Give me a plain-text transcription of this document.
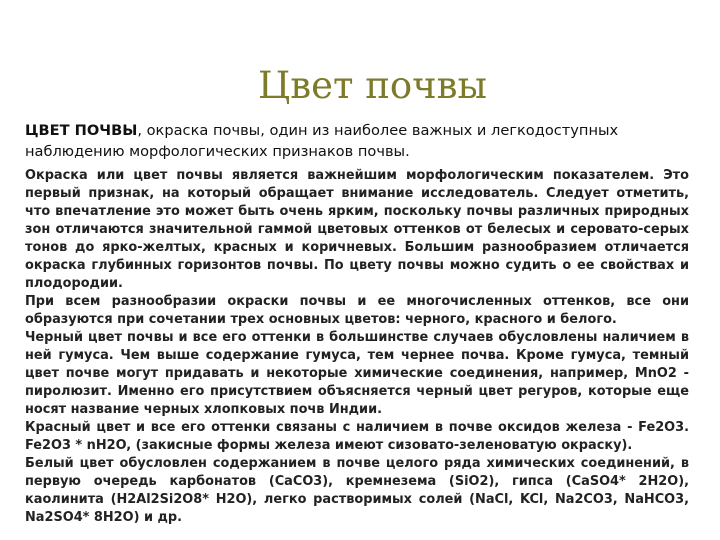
Цвет почвы
ЦВЕТ ПОЧВЫ, окраска почвы, один из наиболее важных и легкодоступных наблюдению морфологических признаков почвы.

Окраска или цвет почвы является важнейшим морфологическим показателем. Это первый признак, на который обращает внимание исследователь. Следует отметить, что впечатление это может быть очень ярким, поскольку почвы различных природных зон отличаются значительной гаммой цветовых оттенков от белесых и серовато-серых тонов до ярко-желтых, красных и коричневых. Большим разнообразием отличается окраска глубинных горизонтов почвы. По цвету почвы можно судить о ее свойствах и плодородии.

При всем разнообразии окраски почвы и ее многочисленных оттенков, все они образуются при сочетании трех основных цветов: черного, красного и белого.

Черный цвет почвы и все его оттенки в большинстве случаев обусловлены наличием в ней гумуса. Чем выше содержание гумуса, тем чернее почва. Кроме гумуса, темный цвет почве могут придавать и некоторые химические соединения, например, MnO2 - пиролюзит. Именно его присутствием объясняется черный цвет регуров, которые еще носят название черных хлопковых почв Индии.

Красный цвет и все его оттенки связаны с наличием в почве оксидов железа - Fe2O3. Fe2O3 * nH2O, (закисные формы железа имеют сизовато-зеленоватую окраску).

Белый цвет обусловлен содержанием в почве целого ряда химических соединений, в первую очередь карбонатов (CaCO3), кремнезема (SiO2), гипса (CaSO4* 2H2O), каолинита (H2Al2Si2O8* H2O), легко растворимых солей (NaCl, KCl, Na2CO3, NaHCO3, Na2SO4* 8H2O) и др.
